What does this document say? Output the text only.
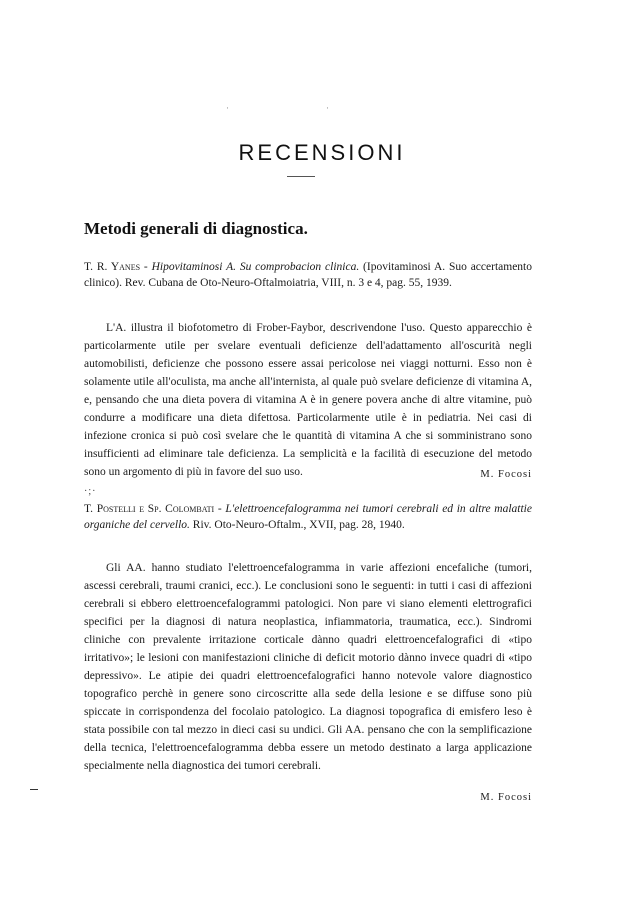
·	·
RECENSIONI
Metodi generali di diagnostica.
T. R. Yanes - Hipovitaminosi A. Su comprobacion clinica. (Ipovitaminosi A. Suo accertamento clinico). Rev. Cubana de Oto-Neuro-Oftalmoiatria, VIII, n. 3 e 4, pag. 55, 1939.
L'A. illustra il biofotometro di Frober-Faybor, descrivendone l'uso. Questo apparecchio è particolarmente utile per svelare eventuali deficienze dell'adattamento all'oscurità negli automobilisti, deficienze che possono essere assai pericolose nei viaggi notturni. Esso non è solamente utile all'oculista, ma anche all'internista, al quale può svelare deficienze di vitamina A, e, pensando che una dieta povera di vitamina A è in genere povera anche di altre vitamine, può condurre a modificare una dieta difettosa. Particolarmente utile è in pediatria. Nei casi di infezione cronica si può così svelare che le quantità di vitamina A che si somministrano sono insufficienti ad eliminare tale deficienza. La semplicità e la facilità di esecuzione del metodo sono un argomento di più in favore del suo uso.	M. Focosi
·;·
T. Postelli e Sp. Colombati - L'elettroencefalogramma nei tumori cerebrali ed in altre malattie organiche del cervello. Riv. Oto-Neuro-Oftalm., XVII, pag. 28, 1940.
Gli AA. hanno studiato l'elettroencefalogramma in varie affezioni encefaliche (tumori, ascessi cerebrali, traumi cranici, ecc.). Le conclusioni sono le seguenti: in tutti i casi di affezioni cerebrali si ebbero elettroencefalogrammi patologici. Non pare vi siano elementi elettrografici specifici per la diagnosi di natura neoplastica, infiammatoria, traumatica, ecc.). Sindromi cliniche con prevalente irritazione corticale dànno quadri elettroencefalografici di «tipo irritativo»; le lesioni con manifestazioni cliniche di deficit motorio dànno invece quadri di «tipo depressivo». Le atipie dei quadri elettroencefalografici hanno notevole valore diagnostico topografico perchè in genere sono circoscritte alla sede della lesione e se diffuse sono più spiccate in corrispondenza del focolaio patologico. La diagnosi topografica di emisfero leso è stata possibile con tal mezzo in dieci casi su undici. Gli AA. pensano che con la semplificazione della tecnica, l'elettroencefalogramma debba essere un metodo destinato a larga applicazione specialmente nella diagnostica dei tumori cerebrali.
M. Focosi
